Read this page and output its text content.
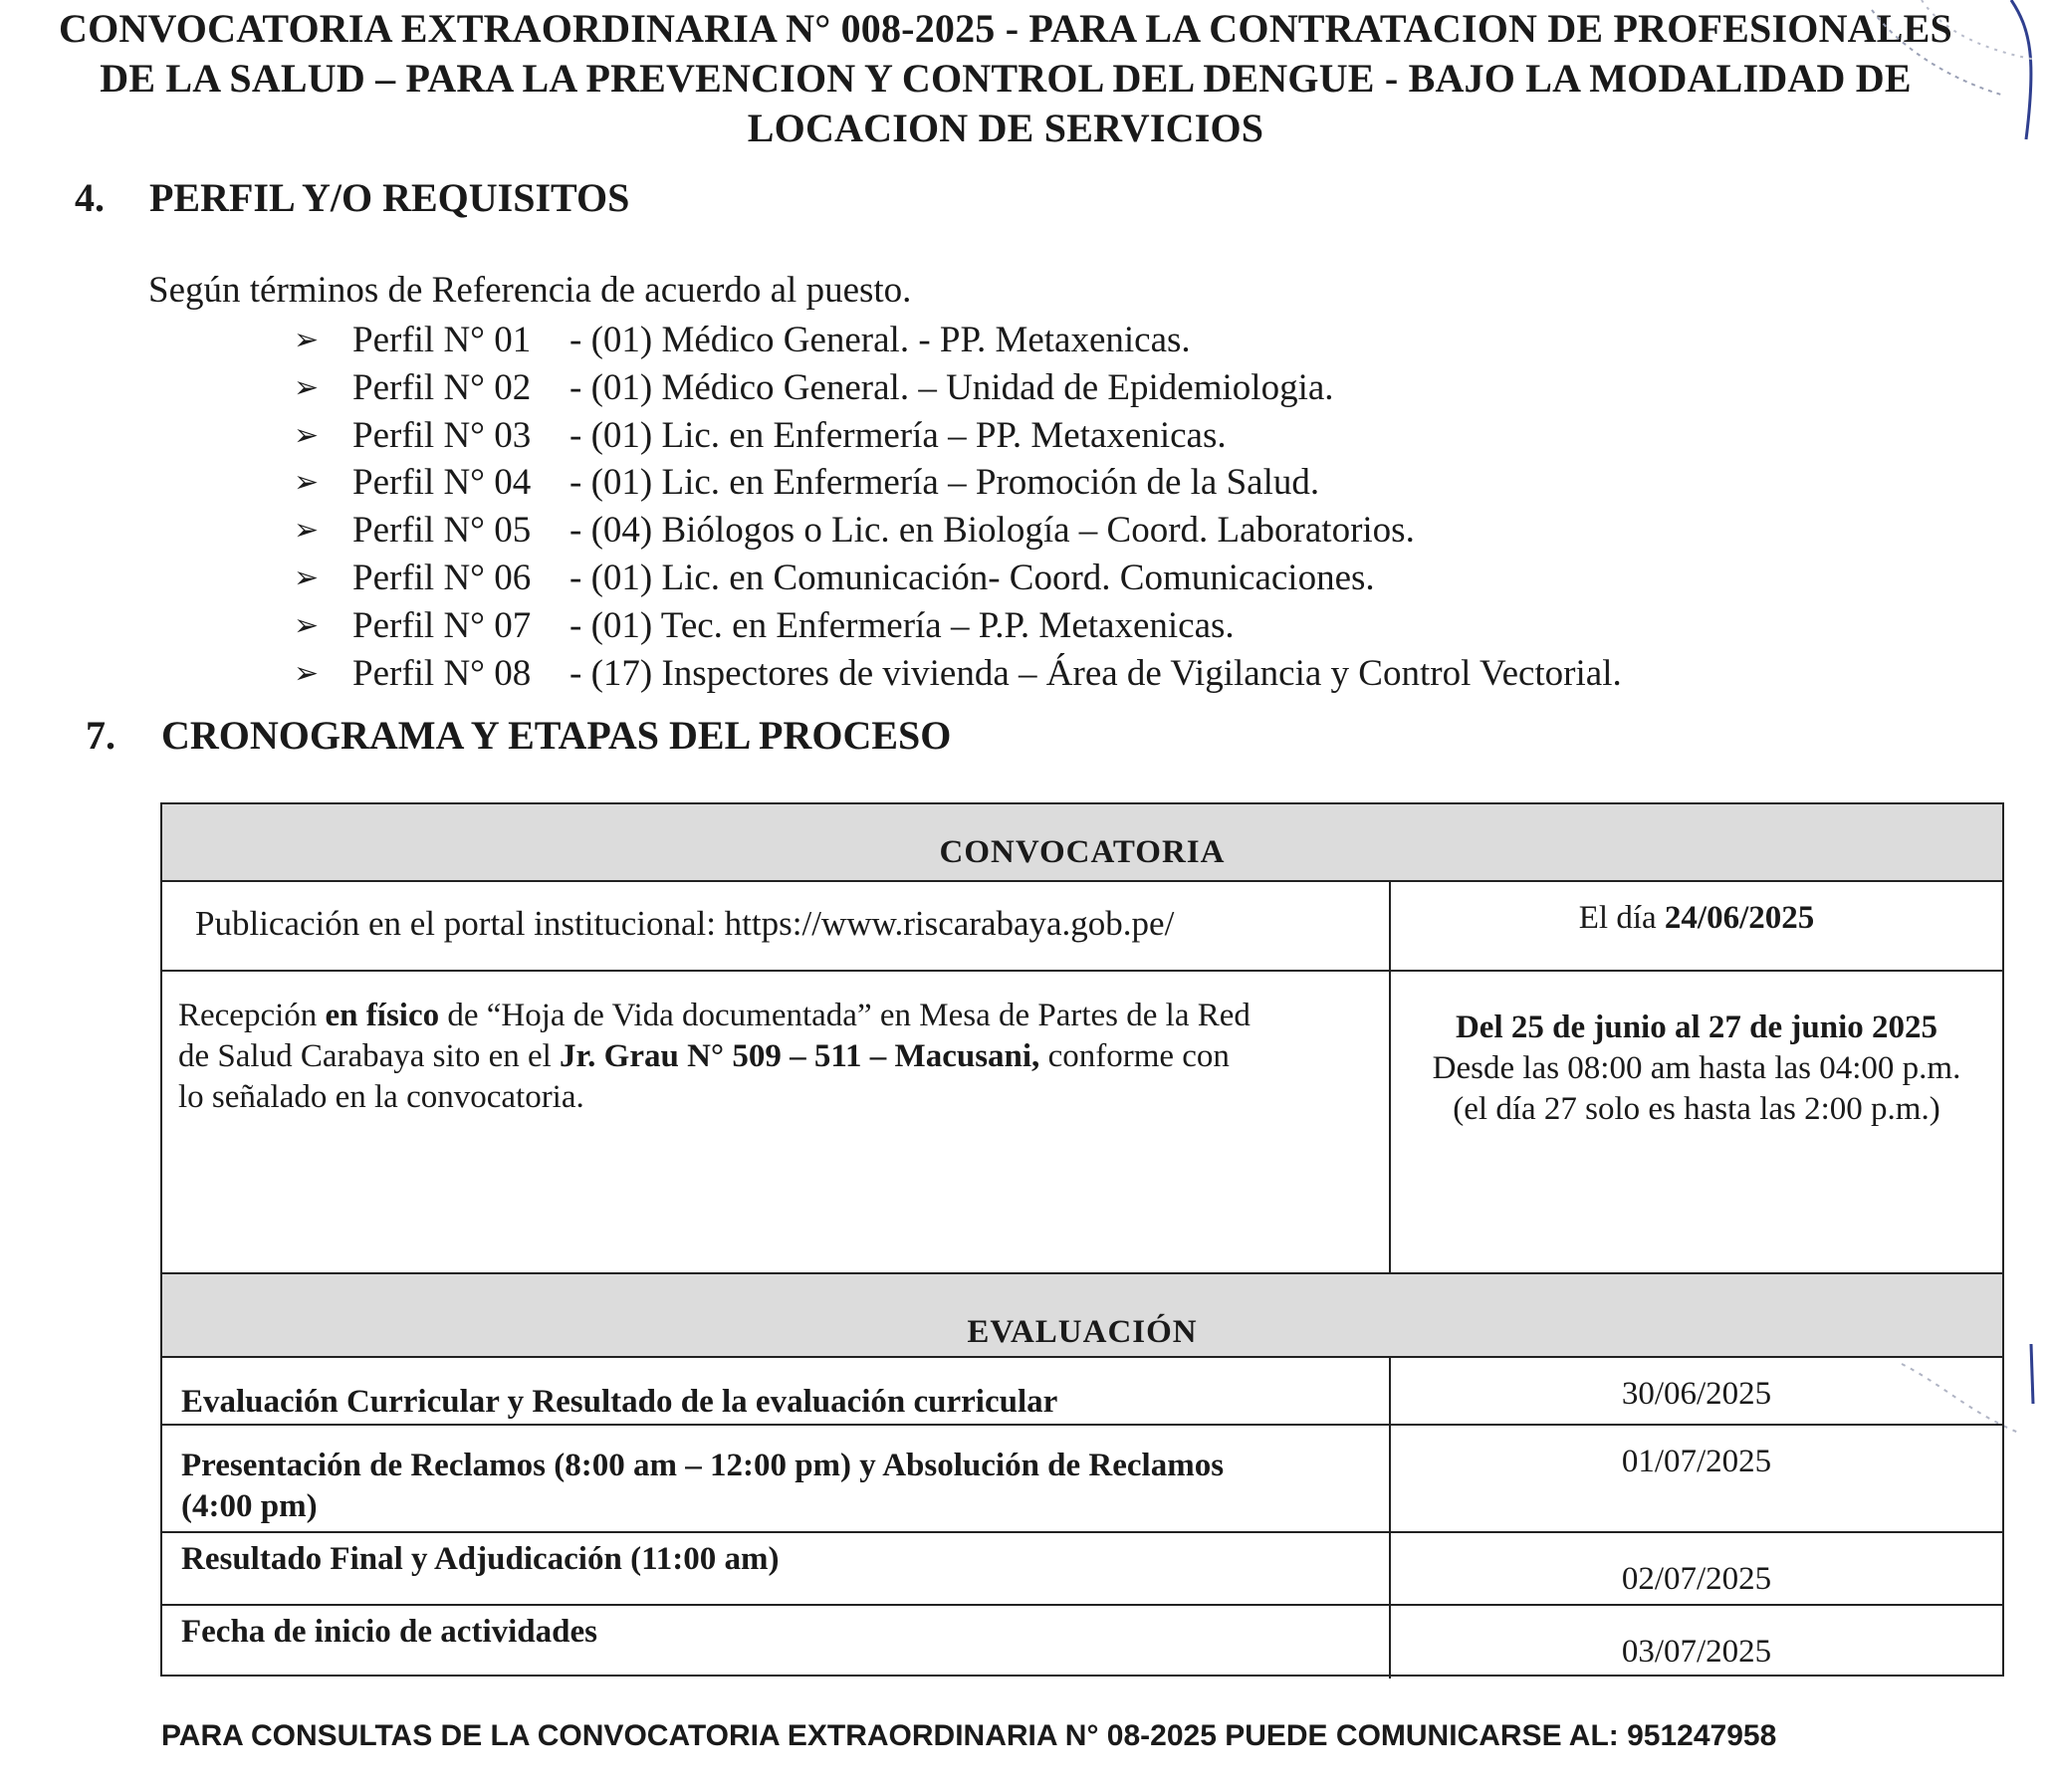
CONVOCATORIA EXTRAORDINARIA N° 008-2025 - PARA LA CONTRATACION DE PROFESIONALES
DE LA SALUD – PARA LA PREVENCION Y CONTROL DEL DENGUE - BAJO LA MODALIDAD DE
LOCACION DE SERVICIOS
4. PERFIL Y/O REQUISITOS
Según términos de Referencia de acuerdo al puesto.
➢ Perfil N° 01 - (01) Médico General. - PP. Metaxenicas.
➢ Perfil N° 02 - (01) Médico General. – Unidad de Epidemiologia.
➢ Perfil N° 03 - (01) Lic. en Enfermería – PP. Metaxenicas.
➢ Perfil N° 04 - (01) Lic. en Enfermería – Promoción de la Salud.
➢ Perfil N° 05 - (04) Biólogos o Lic. en Biología – Coord. Laboratorios.
➢ Perfil N° 06 - (01) Lic. en Comunicación- Coord. Comunicaciones.
➢ Perfil N° 07 - (01) Tec. en Enfermería – P.P. Metaxenicas.
➢ Perfil N° 08 - (17) Inspectores de vivienda – Área de Vigilancia y Control Vectorial.
7. CRONOGRAMA Y ETAPAS DEL PROCESO
CONVOCATORIA
Publicación en el portal institucional: https://www.riscarabaya.gob.pe/	El día 24/06/2025
Recepción en físico de “Hoja de Vida documentada” en Mesa de Partes de la Red
de Salud Carabaya sito en el Jr. Grau N° 509 – 511 – Macusani, conforme con
lo señalado en la convocatoria.
Del 25 de junio al 27 de junio 2025
Desde las 08:00 am hasta las 04:00 p.m.
(el día 27 solo es hasta las 2:00 p.m.)
EVALUACIÓN
Evaluación Curricular y Resultado de la evaluación curricular	30/06/2025
Presentación de Reclamos (8:00 am – 12:00 pm) y Absolución de Reclamos
(4:00 pm)
01/07/2025
Resultado Final y Adjudicación (11:00 am)
02/07/2025
Fecha de inicio de actividades
03/07/2025
PARA CONSULTAS DE LA CONVOCATORIA EXTRAORDINARIA N° 08-2025 PUEDE COMUNICARSE AL: 951247958
